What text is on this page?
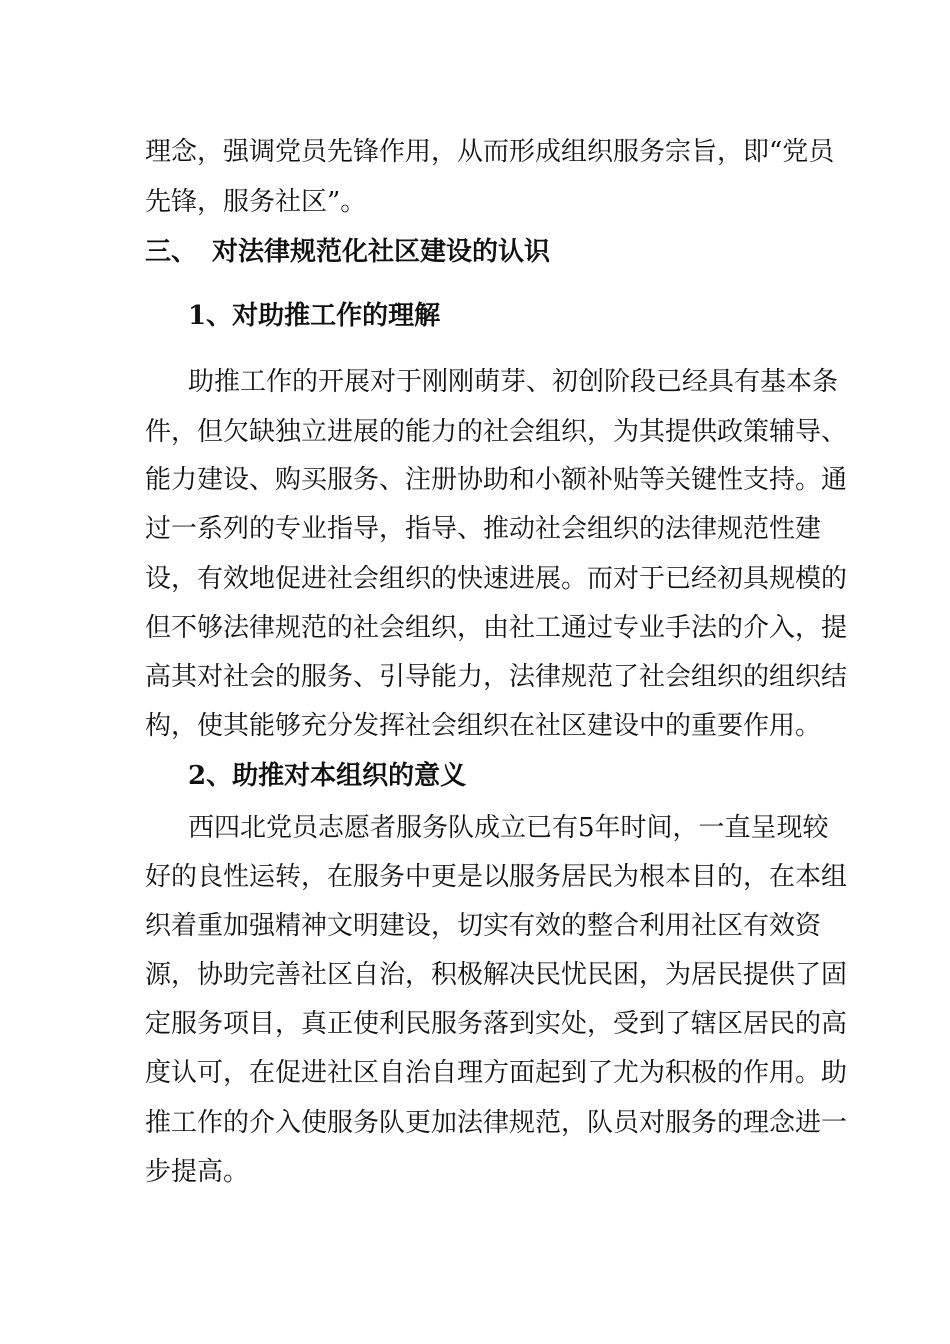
理念，强调党员先锋作用，从而形成组织服务宗旨，即“党员
先锋，服务社区”。
三、 对法律规范化社区建设的认识
1、对助推工作的理解
助推工作的开展对于刚刚萌芽、初创阶段已经具有基本条
件，但欠缺独立进展的能力的社会组织，为其提供政策辅导、
能力建设、购买服务、注册协助和小额补贴等关键性支持。通
过一系列的专业指导，指导、推动社会组织的法律规范性建
设，有效地促进社会组织的快速进展。而对于已经初具规模的
但不够法律规范的社会组织，由社工通过专业手法的介入，提
高其对社会的服务、引导能力，法律规范了社会组织的组织结
构，使其能够充分发挥社会组织在社区建设中的重要作用。
2、助推对本组织的意义
西四北党员志愿者服务队成立已有5年时间，一直呈现较
好的良性运转，在服务中更是以服务居民为根本目的，在本组
织着重加强精神文明建设，切实有效的整合利用社区有效资
源，协助完善社区自治，积极解决民忧民困，为居民提供了固
定服务项目，真正使利民服务落到实处，受到了辖区居民的高
度认可，在促进社区自治自理方面起到了尤为积极的作用。助
推工作的介入使服务队更加法律规范，队员对服务的理念进一
步提高。
